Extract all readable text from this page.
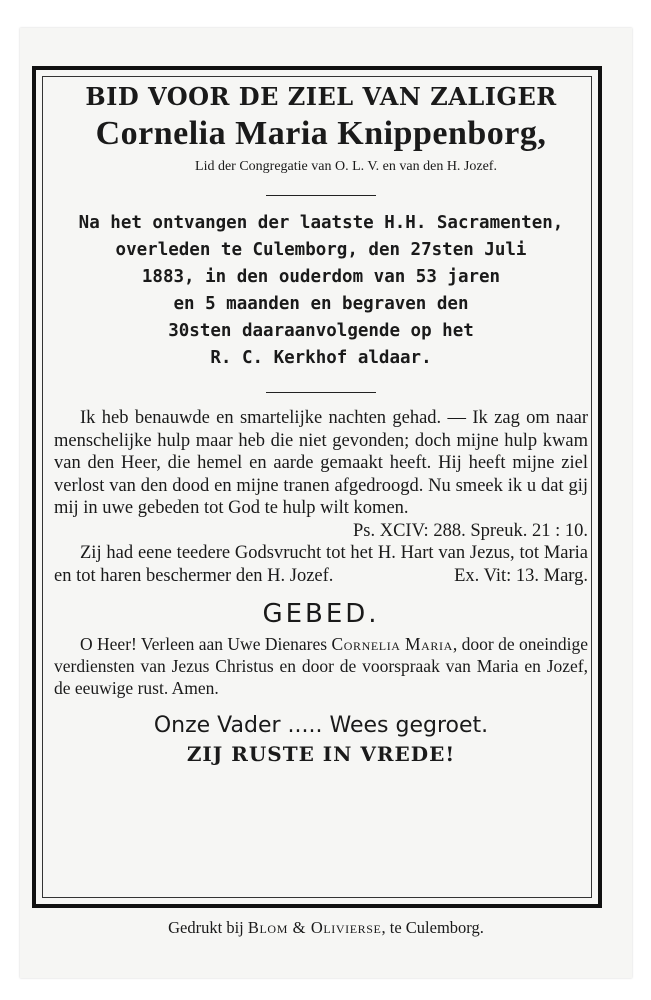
BID VOOR DE ZIEL VAN ZALIGER
Cornelia Maria Knippenborg,
Lid der Congregatie van O. L. V. en van den H. Jozef.
Na het ontvangen der laatste H.H. Sacramenten,
overleden te Culemborg, den 27sten Juli
1883, in den ouderdom van 53 jaren
en 5 maanden en begraven den
30sten daaraanvolgende op het
R. C. Kerkhof aldaar.

Ik heb benauwde en smartelijke nachten gehad. — Ik zag om naar menschelijke hulp maar heb die niet gevonden; doch mijne hulp kwam van den Heer, die hemel en aarde gemaakt heeft. Hij heeft mijne ziel verlost van den dood en mijne tranen afgedroogd. Nu smeek ik u dat gij mij in uwe gebeden tot God te hulp wilt komen.
Ps. XCIV: 288. Spreuk. 21 : 10.

Zij had eene teedere Godsvrucht tot het H. Hart van Jezus, tot Maria en tot haren beschermer den H. Jozef.	Ex. Vit: 13. Marg.

GEBED.

O Heer! Verleen aan Uwe Dienares Cornelia Maria, door de oneindige verdiensten van Jezus Christus en door de voorspraak van Maria en Jozef, de eeuwige rust. Amen.

Onze Vader ..... Wees gegroet.
ZIJ RUSTE IN VREDE!
Gedrukt bij Blom & Olivierse, te Culemborg.
